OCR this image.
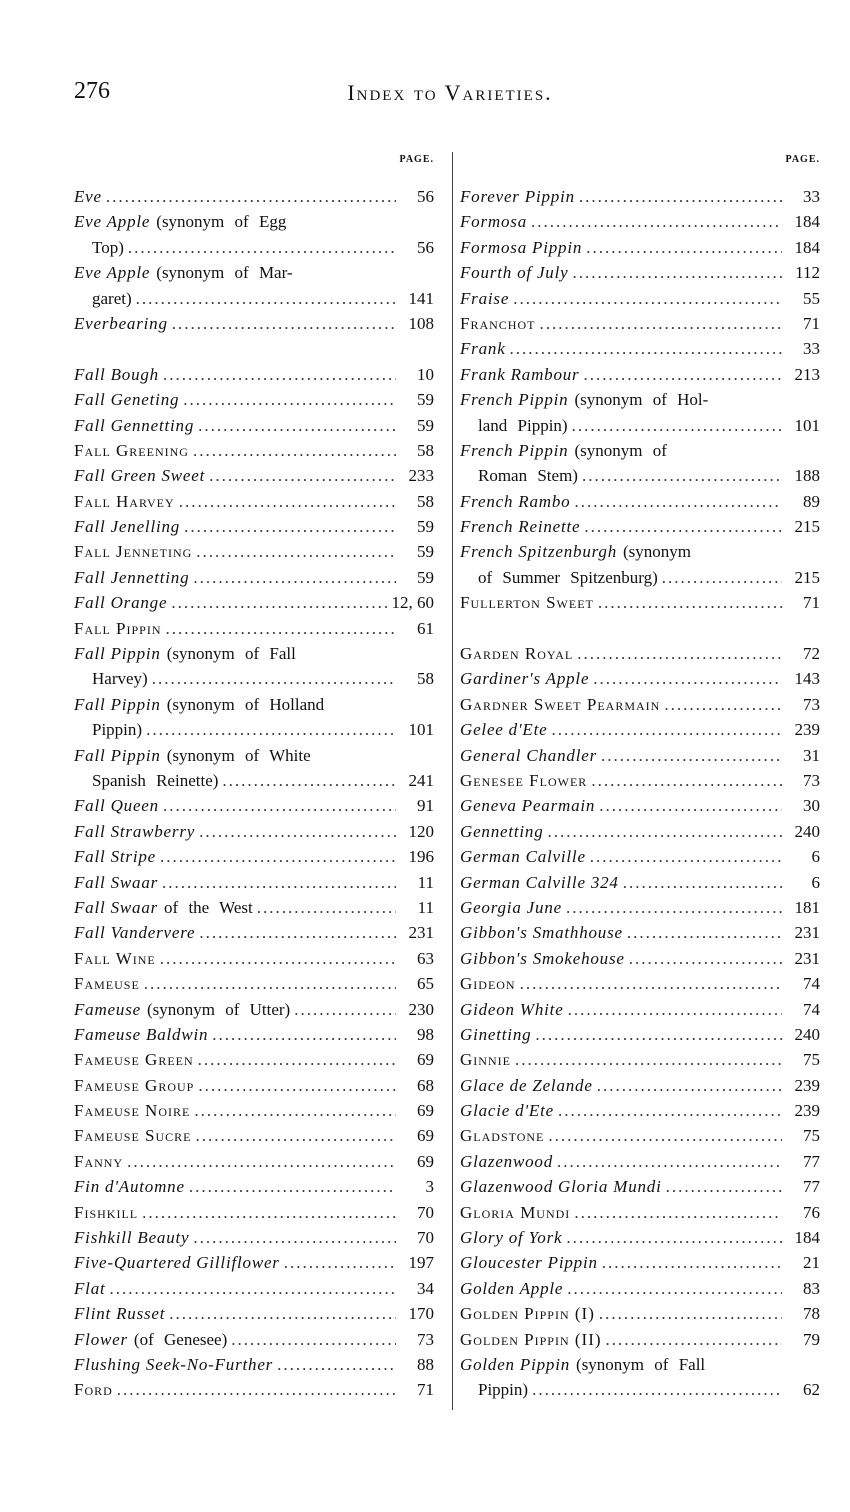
276	Index to Varieties.
PAGE.
Eve .....	56
Eve Apple (synonym of Egg
Top) .....	56
Eve Apple (synonym of Mar-
garet) .....	141
Everbearing .....	108
Fall Bough .....	10
Fall Geneting .....	59
Fall Gennetting .....	59
Fall Greening .....	58
Fall Green Sweet .....	233
Fall Harvey .....	58
Fall Jenelling .....	59
Fall Jenneting .....	59
Fall Jennetting .....	59
Fall Orange .....	12, 60
Fall Pippin .....	61
Fall Pippin (synonym of Fall
Harvey) .....	58
Fall Pippin (synonym of Holland
Pippin) .....	101
Fall Pippin (synonym of White
Spanish Reinette) .....	241
Fall Queen .....	91
Fall Strawberry .....	120
Fall Stripe .....	196
Fall Swaar .....	11
Fall Swaar of the West .....	11
Fall Vandervere .....	231
Fall Wine .....	63
Fameuse .....	65
Fameuse (synonym of Utter) .....	230
Fameuse Baldwin .....	98
Fameuse Green .....	69
Fameuse Group .....	68
Fameuse Noire .....	69
Fameuse Sucre .....	69
Fanny .....	69
Fin d'Automne .....	3
Fishkill .....	70
Fishkill Beauty .....	70
Five-Quartered Gilliflower .....	197
Flat .....	34
Flint Russet .....	170
Flower (of Genesee) .....	73
Flushing Seek-No-Further .....	88
Ford .....	71
PAGE.
Forever Pippin .....	33
Formosa .....	184
Formosa Pippin .....	184
Fourth of July .....	112
Fraise .....	55
Franchot .....	71
Frank .....	33
Frank Rambour .....	213
French Pippin (synonym of Hol-
land Pippin) .....	101
French Pippin (synonym of
Roman Stem) .....	188
French Rambo .....	89
French Reinette .....	215
French Spitzenburgh (synonym
of Summer Spitzenburg) .....	215
Fullerton Sweet .....	71
Garden Royal .....	72
Gardiner's Apple .....	143
Gardner Sweet Pearmain .....	73
Gelee d'Ete .....	239
General Chandler .....	31
Genesee Flower .....	73
Geneva Pearmain .....	30
Gennetting .....	240
German Calville .....	6
German Calville 324 .....	6
Georgia June .....	181
Gibbon's Smathhouse .....	231
Gibbon's Smokehouse .....	231
Gideon .....	74
Gideon White .....	74
Ginetting .....	240
Ginnie .....	75
Glace de Zelande .....	239
Glacie d'Ete .....	239
Gladstone .....	75
Glazenwood .....	77
Glazenwood Gloria Mundi .....	77
Gloria Mundi .....	76
Glory of York .....	184
Gloucester Pippin .....	21
Golden Apple .....	83
Golden Pippin (I) .....	78
Golden Pippin (II) .....	79
Golden Pippin (synonym of Fall
Pippin) .....	62
